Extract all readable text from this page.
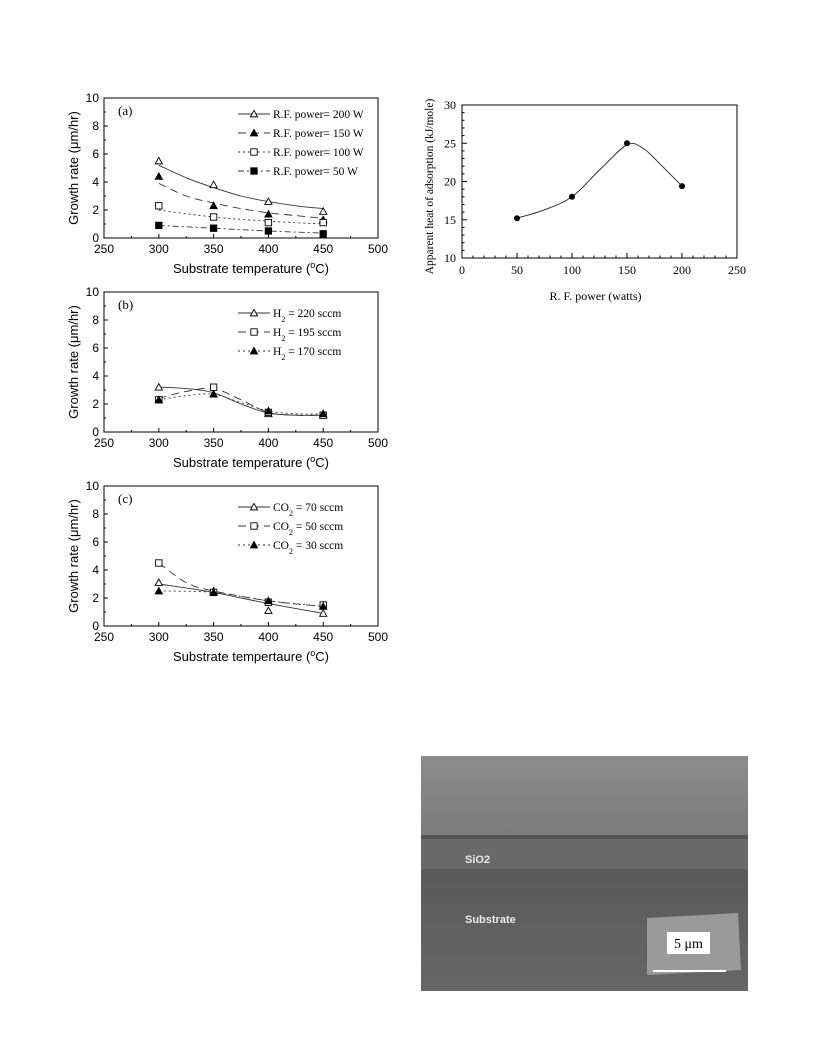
250	300	350	400	450	500
0
2
4
6
8
10
Substrate temperature ($^o$C)
Growth rate (μm/hr)
(a)	R.F. power= 200 W
R.F. power= 150 W
R.F. power= 100 W
R.F. power= 50 W
250	300	350	400	450	500
0
2
4
6
8
10
Substrate temperature ($^o$C)
Growth rate (μm/hr)
(b)
$H_2 = 220$ sccm
$H_2 = 195$ sccm
$H_2 = 170$ sccm
250	300	350	400	450	500
0
2
4
6
8
10
Substrate tempertaure ($^o$C)
Growth rate (μm/hr)
(c)
$CO_2 = 70$ sccm
$CO_2 = 50$ sccm
$CO_2 = 30$ sccm
0	50	100	150	200	250
10
15
20
25
30
R. F. power (watts)
Apparent heat of adsorption (kJ/mole)
SiO2
Substrate
5 μm
